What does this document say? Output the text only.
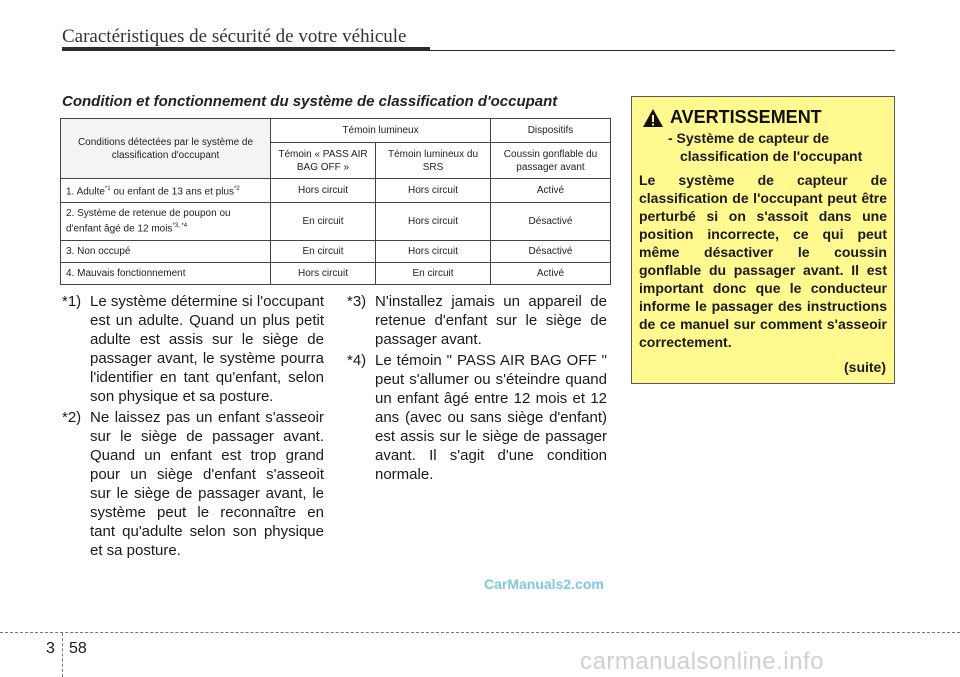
Caractéristiques de sécurité de votre véhicule
Condition et fonctionnement du système de classification d'occupant
Conditions détectées par le système de classification d'occupant	Témoin lumineux		Dispositifs
	Témoin « PASS AIR BAG OFF »	Témoin lumineux du SRS	Coussin gonflable du passager avant
1. Adulte$^{*1}$ ou enfant de 13 ans et plus$^{*2}$	Hors circuit	Hors circuit	Activé
2. Système de retenue de poupon ou d'enfant âgé de 12 mois$^{*3, *4}$	En circuit	Hors circuit	Désactivé
3. Non occupé	En circuit	Hors circuit	Désactivé
4. Mauvais fonctionnement	Hors circuit	En circuit	Activé
*1) Le système détermine si l'occupant est un adulte. Quand un plus petit adulte est assis sur le siège de passager avant, le système pourra l'identifier en tant qu'enfant, selon son physique et sa posture.
*2) Ne laissez pas un enfant s'asseoir sur le siège de passager avant. Quand un enfant est trop grand pour un siège d'enfant s'asseoit sur le siège de passager avant, le système peut le reconnaître en tant qu'adulte selon son physique et sa posture.
*3) N'installez jamais un appareil de retenue d'enfant sur le siège de passager avant.
*4) Le témoin " PASS AIR BAG OFF " peut s'allumer ou s'éteindre quand un enfant âgé entre 12 mois et 12 ans (avec ou sans siège d'enfant) est assis sur le siège de passager avant. Il s'agit d'une condition normale.
AVERTISSEMENT
- Système de capteur de
classification de l'occupant
Le système de capteur de classification de l'occupant peut être perturbé si on s'assoit dans une position incorrecte, ce qui peut même désactiver le coussin gonflable du passager avant. Il est important donc que le conducteur informe le passager des instructions de ce manuel sur comment s'asseoir correctement.
(suite)
CarManuals2.com
3 58	carmanualsonline.info
